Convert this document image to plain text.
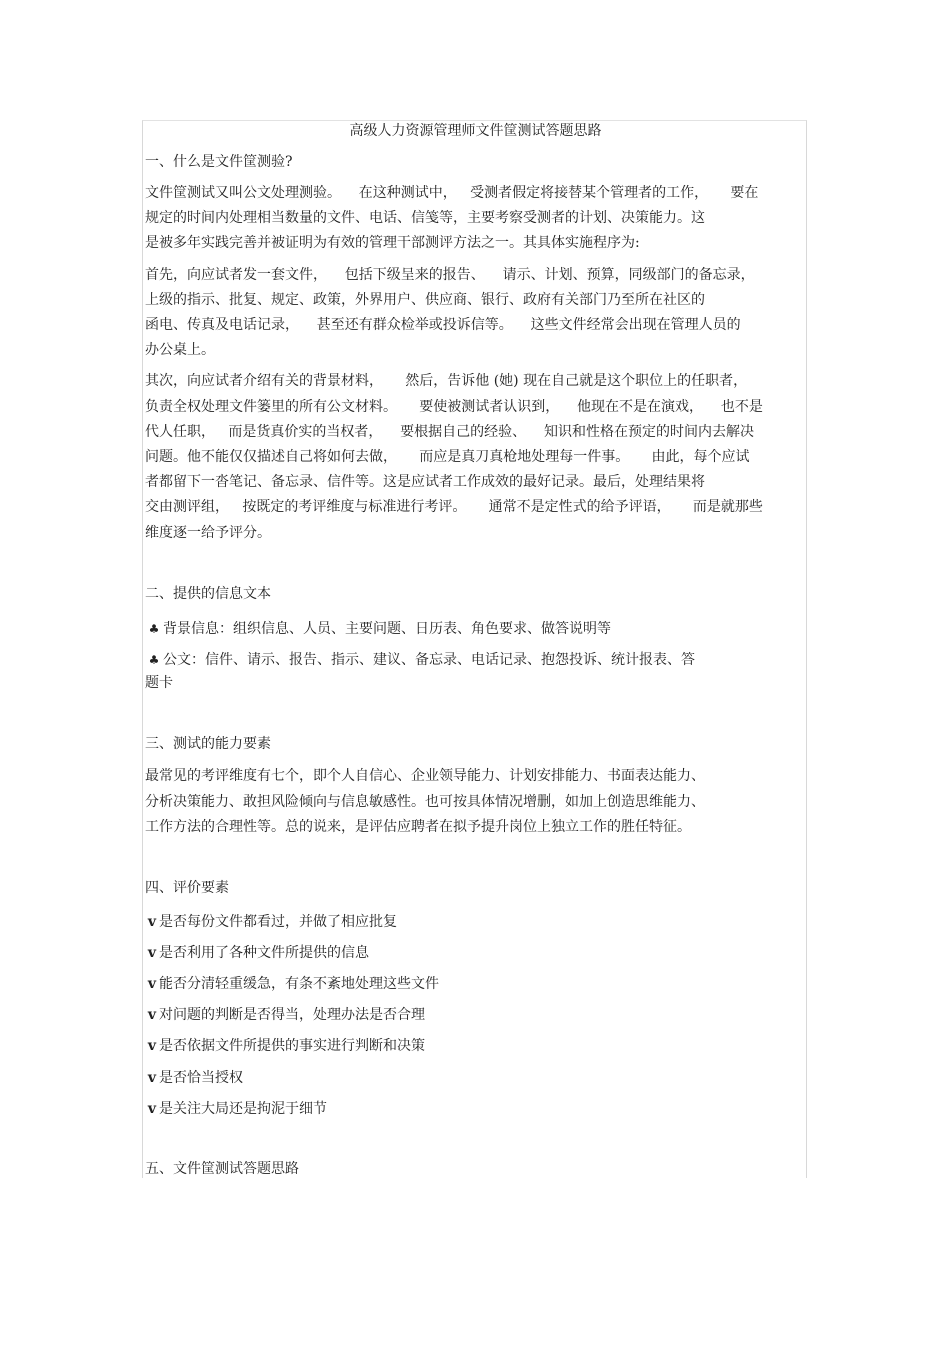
高级人力资源管理师文件筐测试答题思路
一、什么是文件筐测验?
文件筐测试又叫公文处理测验。    在这种测试中，   受测者假定将接替某个管理者的工作，     要在
规定的时间内处理相当数量的文件、电话、信笺等，主要考察受测者的计划、决策能力。这
是被多年实践完善并被证明为有效的管理干部测评方法之一。其具体实施程序为:
首先，向应试者发一套文件，    包括下级呈来的报告、    请示、计划、预算，同级部门的备忘录，
上级的指示、批复、规定、政策，外界用户、供应商、银行、政府有关部门乃至所在社区的
函电、传真及电话记录，    甚至还有群众检举或投诉信等。    这些文件经常会出现在管理人员的
办公桌上。
其次，向应试者介绍有关的背景材料，     然后，告诉他 (她) 现在自己就是这个职位上的任职者，
负责全权处理文件篓里的所有公文材料。     要使被测试者认识到，    他现在不是在演戏，    也不是
代人任职，   而是货真价实的当权者，    要根据自己的经验、    知识和性格在预定的时间内去解决
问题。他不能仅仅描述自己将如何去做，     而应是真刀真枪地处理每一件事。     由此，每个应试
者都留下一沓笔记、备忘录、信件等。这是应试者工作成效的最好记录。最后，处理结果将
交由测评组，   按既定的考评维度与标准进行考评。     通常不是定性式的给予评语，     而是就那些
维度逐一给予评分。
二、提供的信息文本
♣ 背景信息：组织信息、人员、主要问题、日历表、角色要求、做答说明等
♣ 公文：信件、请示、报告、指示、建议、备忘录、电话记录、抱怨投诉、统计报表、答
题卡
三、测试的能力要素
最常见的考评维度有七个，即个人自信心、企业领导能力、计划安排能力、书面表达能力、
分析决策能力、敢担风险倾向与信息敏感性。也可按具体情况增删，如加上创造思维能力、
工作方法的合理性等。总的说来，是评估应聘者在拟予提升岗位上独立工作的胜任特征。
四、评价要素
v 是否每份文件都看过，并做了相应批复
v 是否利用了各种文件所提供的信息
v 能否分清轻重缓急，有条不紊地处理这些文件
v 对问题的判断是否得当，处理办法是否合理
v 是否依据文件所提供的事实进行判断和决策
v 是否恰当授权
v 是关注大局还是拘泥于细节
五、文件筐测试答题思路
